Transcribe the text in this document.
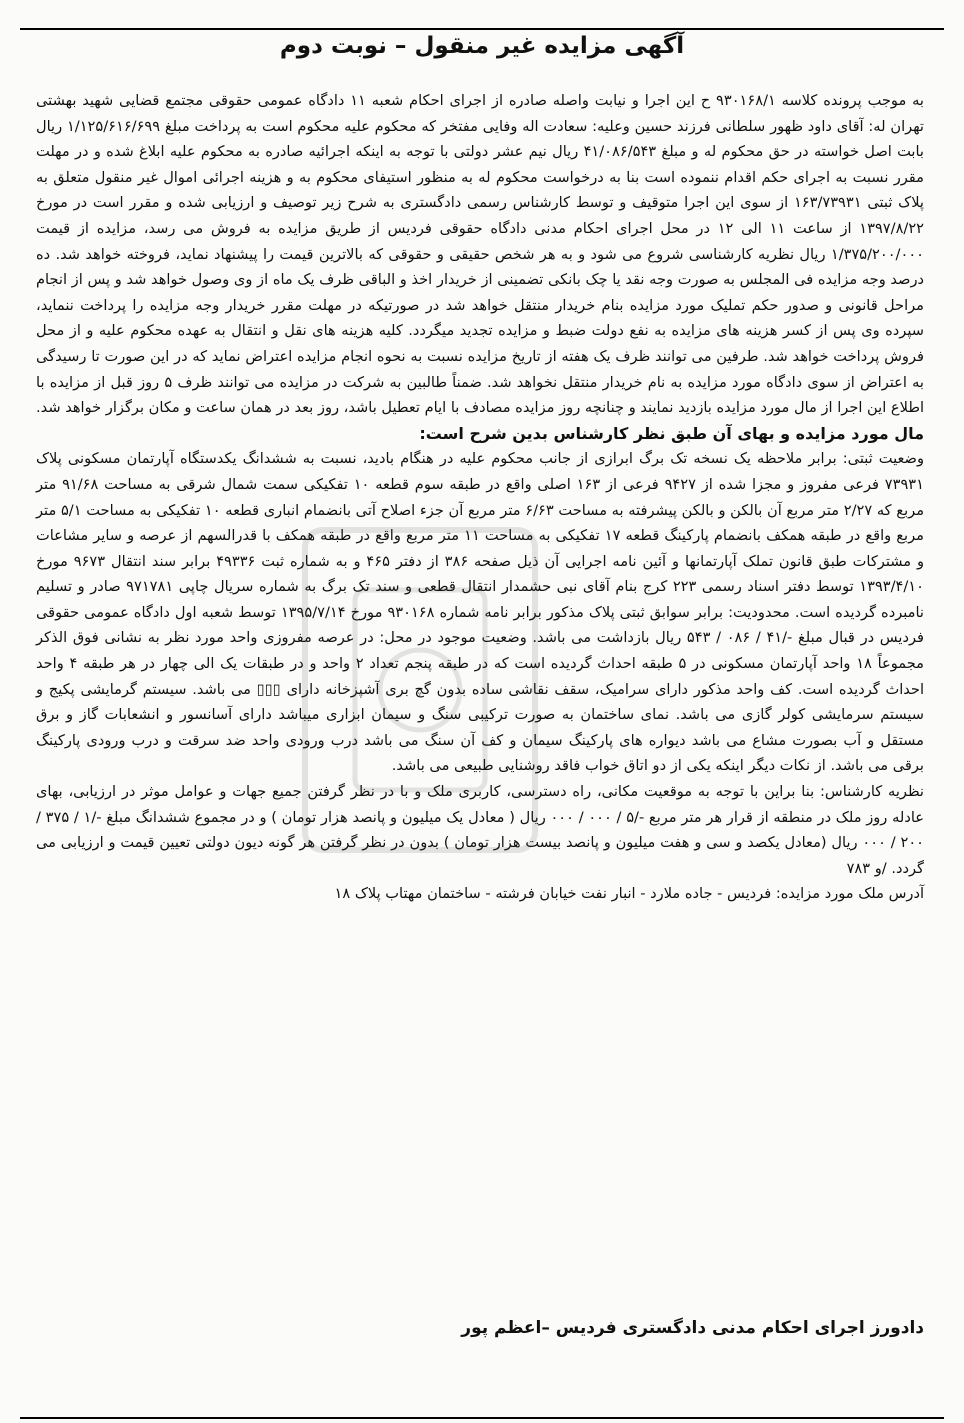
آگهی مزایده غیر منقول – نوبت دوم

به موجب پرونده کلاسه ۹۳۰۱۶۸/۱ ح این اجرا و نیابت واصله صادره از اجرای احکام شعبه ۱۱ دادگاه عمومی حقوقی مجتمع قضایی شهید بهشتی تهران له: آقای داود ظهور سلطانی فرزند حسین وعلیه: سعادت اله وفایی مفتخر که محکوم علیه محکوم است به پرداخت مبلغ ۱/۱۲۵/۶۱۶/۶۹۹ ریال بابت اصل خواسته در حق محکوم له و مبلغ ۴۱/۰۸۶/۵۴۳ ریال نیم عشر دولتی با توجه به اینکه اجرائیه صادره به محکوم علیه ابلاغ شده و در مهلت مقرر نسبت به اجرای حکم اقدام ننموده است بنا به درخواست محکوم له به منظور استیفای محکوم به و هزینه اجرائی اموال غیر منقول متعلق به پلاک ثبتی ۱۶۳/۷۳۹۳۱ از سوی این اجرا متوقیف و توسط کارشناس رسمی دادگستری به شرح زیر توصیف و ارزیابی شده و مقرر است در مورخ ۱۳۹۷/۸/۲۲ از ساعت ۱۱ الی ۱۲ در محل اجرای احکام مدنی دادگاه حقوقی فردیس از طریق مزایده به فروش می رسد، مزایده از قیمت ۱/۳۷۵/۲۰۰/۰۰۰ ریال نظریه کارشناسی شروع می شود و به هر شخص حقیقی و حقوقی که بالاترین قیمت را پیشنهاد نماید، فروخته خواهد شد. ده درصد وجه مزایده فی المجلس به صورت وجه نقد یا چک بانکی تضمینی از خریدار اخذ و الباقی ظرف یک ماه از وی وصول خواهد شد و پس از انجام مراحل قانونی و صدور حکم تملیک مورد مزایده بنام خریدار منتقل خواهد شد در صورتیکه در مهلت مقرر خریدار وجه مزایده را پرداخت ننماید، سپرده وی پس از کسر هزینه های مزایده به نفع دولت ضبط و مزایده تجدید میگردد. کلیه هزینه های نقل و انتقال به عهده محکوم علیه و از محل فروش پرداخت خواهد شد. طرفین می توانند ظرف یک هفته از تاریخ مزایده نسبت به نحوه انجام مزایده اعتراض نماید که در این صورت تا رسیدگی به اعتراض از سوی دادگاه مورد مزایده به نام خریدار منتقل نخواهد شد. ضمناً طالبین به شرکت در مزایده می توانند ظرف ۵ روز قبل از مزایده با اطلاع این اجرا از مال مورد مزایده بازدید نمایند و چنانچه روز مزایده مصادف با ایام تعطیل باشد، روز بعد در همان ساعت و مکان برگزار خواهد شد.

مال مورد مزایده و بهای آن طبق نظر کارشناس بدین شرح است:

وضعیت ثبتی: برابر ملاحظه یک نسخه تک برگ ابرازی از جانب محکوم علیه در هنگام بادید، نسبت به ششدانگ یکدستگاه آپارتمان مسکونی پلاک ۷۳۹۳۱ فرعی مفروز و مجزا شده از ۹۴۲۷ فرعی از ۱۶۳ اصلی واقع در طبقه سوم قطعه ۱۰ تفکیکی سمت شمال شرقی به مساحت ۹۱/۶۸ متر مربع که ۲/۲۷ متر مربع آن بالکن و بالکن پیشرفته به مساحت ۶/۶۳ متر مربع آن جزء اصلاح آتی بانضمام انباری قطعه ۱۰ تفکیکی به مساحت ۵/۱ متر مربع واقع در طبقه همکف بانضمام پارکینگ قطعه ۱۷ تفکیکی به مساحت ۱۱ متر مربع واقع در طبقه همکف با قدرالسهم از عرصه و سایر مشاعات و مشترکات طبق قانون تملک آپارتمانها و آئین نامه اجرایی آن ذیل صفحه ۳۸۶ از دفتر ۴۶۵ و به شماره ثبت ۴۹۳۳۶ برابر سند انتقال ۹۶۷۳ مورخ ۱۳۹۳/۴/۱۰ توسط دفتر اسناد رسمی ۲۲۳ کرج بنام آقای نبی حشمدار انتقال قطعی و سند تک برگ به شماره سریال چاپی ۹۷۱۷۸۱ صادر و تسلیم نامبرده گردیده است. محدودیت: برابر سوابق ثبتی پلاک مذکور برابر نامه شماره ۹۳۰۱۶۸ مورخ ۱۳۹۵/۷/۱۴ توسط شعبه اول دادگاه عمومی حقوقی فردیس در قبال مبلغ -/۴۱ / ۰۸۶ / ۵۴۳ ریال بازداشت می باشد. وضعیت موجود در محل: در عرصه مفروزی واحد مورد نظر به نشانی فوق الذکر مجموعاً ۱۸ واحد آپارتمان مسکونی در ۵ طبقه احداث گردیده است که در طبقه پنجم تعداد ۲ واحد و در طبقات یک الی چهار در هر طبقه ۴ واحد احداث گردیده است. کف واحد مذکور دارای سرامیک، سقف نقاشی ساده بدون گچ بری آشپزخانه دارای ▯▯▯ می باشد. سیستم گرمایشی پکیج و سیستم سرمایشی کولر گازی می باشد. نمای ساختمان به صورت ترکیبی سنگ و سیمان ابزاری میباشد دارای آسانسور و انشعابات گاز و برق مستقل و آب بصورت مشاع می باشد دیواره های پارکینگ سیمان و کف آن سنگ می باشد درب ورودی واحد ضد سرقت و درب ورودی پارکینگ برقی می باشد. از نکات دیگر اینکه یکی از دو اتاق خواب فاقد روشنایی طبیعی می باشد.

نظریه کارشناس: بنا براین با توجه به موقعیت مکانی، راه دسترسی، کاربری ملک و با در نظر گرفتن جمیع جهات و عوامل موثر در ارزیابی، بهای عادله روز ملک در منطقه از قرار هر متر مربع -/۵ / ۰۰۰ / ۰۰۰ ریال ( معادل یک میلیون و پانصد هزار تومان ) و در مجموع ششدانگ مبلغ -/۱ / ۳۷۵ / ۲۰۰ / ۰۰۰ ریال (معادل یکصد و سی و هفت میلیون و پانصد بیست هزار تومان ) بدون در نظر گرفتن هر گونه دیون دولتی تعیین قیمت و ارزیابی می گردد. /و ۷۸۳

آدرس ملک مورد مزایده: فردیس - جاده ملارد - انبار نفت خیابان فرشته - ساختمان مهتاب پلاک ۱۸

دادورز اجرای احکام مدنی دادگستری فردیس –اعظم پور
